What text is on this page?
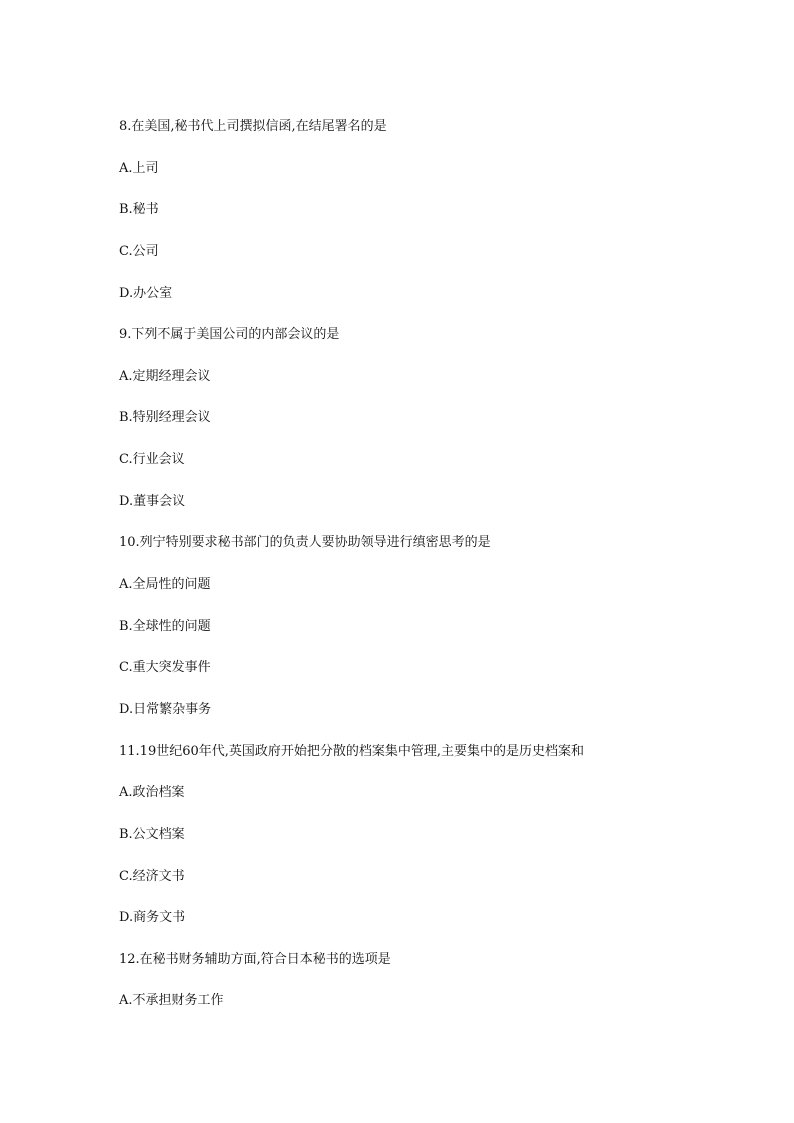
8.在美国,秘书代上司撰拟信函,在结尾署名的是
A.上司
B.秘书
C.公司
D.办公室
9.下列不属于美国公司的内部会议的是
A.定期经理会议
B.特别经理会议
C.行业会议
D.董事会议
10.列宁特别要求秘书部门的负责人要协助领导进行缜密思考的是
A.全局性的问题
B.全球性的问题
C.重大突发事件
D.日常繁杂事务
11.19世纪60年代,英国政府开始把分散的档案集中管理,主要集中的是历史档案和
A.政治档案
B.公文档案
C.经济文书
D.商务文书
12.在秘书财务辅助方面,符合日本秘书的选项是
A.不承担财务工作
